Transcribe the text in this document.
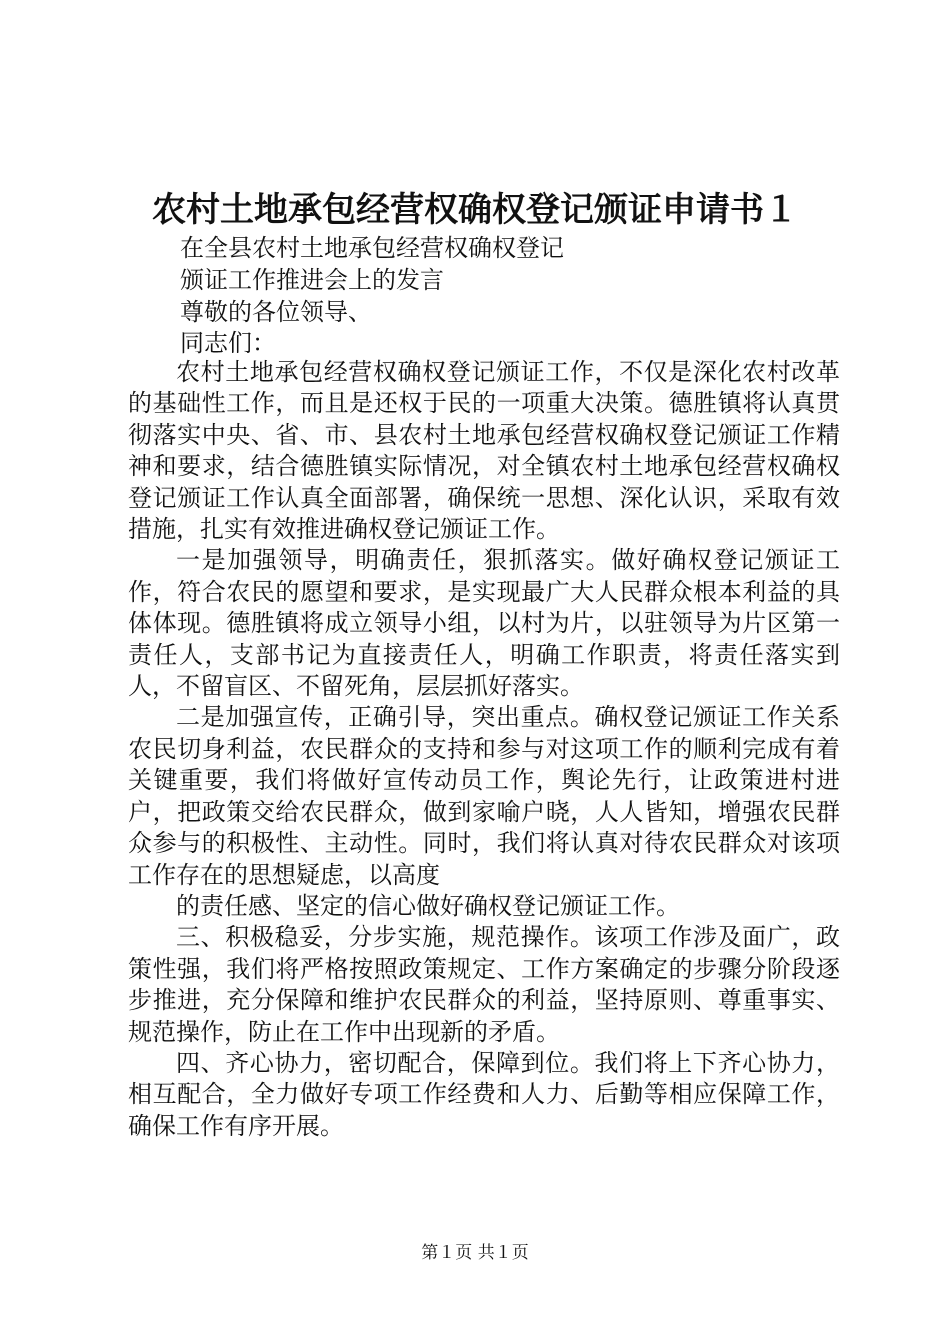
农村土地承包经营权确权登记颁证申请书１
在全县农村土地承包经营权确权登记
颁证工作推进会上的发言
尊敬的各位领导、
同志们：

农村土地承包经营权确权登记颁证工作，不仅是深化农村改革的基础性工作，而且是还权于民的一项重大决策。德胜镇将认真贯彻落实中央、省、市、县农村土地承包经营权确权登记颁证工作精神和要求，结合德胜镇实际情况，对全镇农村土地承包经营权确权登记颁证工作认真全面部署，确保统一思想、深化认识，采取有效措施，扎实有效推进确权登记颁证工作。

一是加强领导，明确责任，狠抓落实。做好确权登记颁证工作，符合农民的愿望和要求，是实现最广大人民群众根本利益的具体体现。德胜镇将成立领导小组，以村为片，以驻领导为片区第一责任人，支部书记为直接责任人，明确工作职责，将责任落实到人，不留盲区、不留死角，层层抓好落实。

二是加强宣传，正确引导，突出重点。确权登记颁证工作关系农民切身利益，农民群众的支持和参与对这项工作的顺利完成有着关键重要，我们将做好宣传动员工作，舆论先行，让政策进村进户，把政策交给农民群众，做到家喻户晓，人人皆知，增强农民群众参与的积极性、主动性。同时，我们将认真对待农民群众对该项工作存在的思想疑虑，以高度

的责任感、坚定的信心做好确权登记颁证工作。

三、积极稳妥，分步实施，规范操作。该项工作涉及面广，政策性强，我们将严格按照政策规定、工作方案确定的步骤分阶段逐步推进，充分保障和维护农民群众的利益，坚持原则、尊重事实、规范操作，防止在工作中出现新的矛盾。

四、齐心协力，密切配合，保障到位。我们将上下齐心协力，相互配合，全力做好专项工作经费和人力、后勤等相应保障工作，确保工作有序开展。

第１页 共１页
